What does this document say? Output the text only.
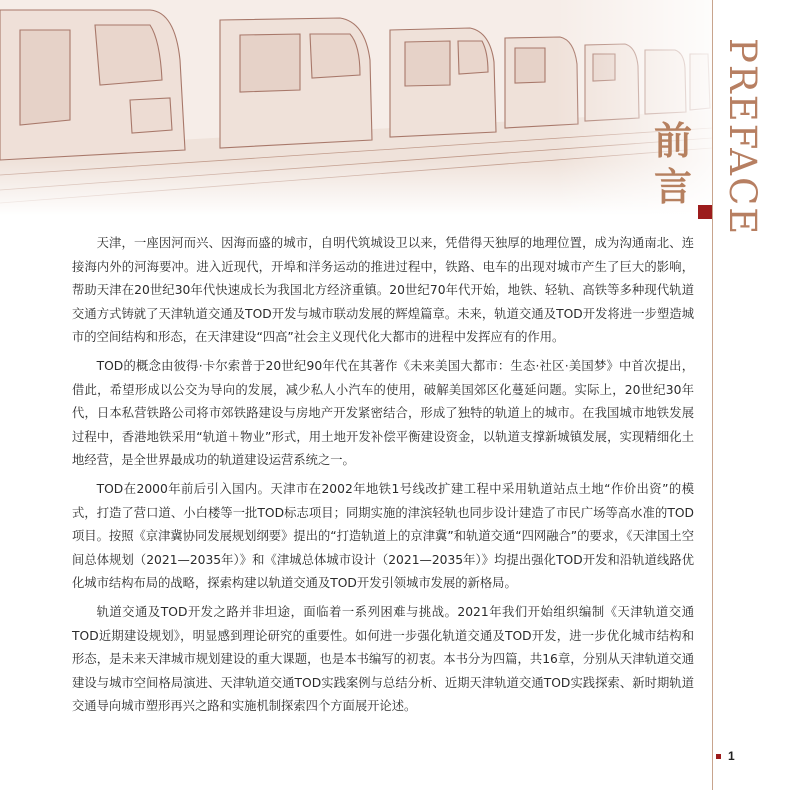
PREFACE
前言

天津，一座因河而兴、因海而盛的城市，自明代筑城设卫以来，凭借得天独厚的地理位置，成为沟通南北、连接海内外的河海要冲。进入近现代，开埠和洋务运动的推进过程中，铁路、电车的出现对城市产生了巨大的影响，帮助天津在20世纪30年代快速成长为我国北方经济重镇。20世纪70年代开始，地铁、轻轨、高铁等多种现代轨道交通方式铸就了天津轨道交通及TOD开发与城市联动发展的辉煌篇章。未来，轨道交通及TOD开发将进一步塑造城市的空间结构和形态，在天津建设“四高”社会主义现代化大都市的进程中发挥应有的作用。

TOD的概念由彼得·卡尔索普于20世纪90年代在其著作《未来美国大都市：生态·社区·美国梦》中首次提出，借此，希望形成以公交为导向的发展，减少私人小汽车的使用，破解美国郊区化蔓延问题。实际上，20世纪30年代，日本私营铁路公司将市郊铁路建设与房地产开发紧密结合，形成了独特的轨道上的城市。在我国城市地铁发展过程中，香港地铁采用“轨道＋物业”形式，用土地开发补偿平衡建设资金，以轨道支撑新城镇发展，实现精细化土地经营，是全世界最成功的轨道建设运营系统之一。

TOD在2000年前后引入国内。天津市在2002年地铁1号线改扩建工程中采用轨道站点土地“作价出资”的模式，打造了营口道、小白楼等一批TOD标志项目；同期实施的津滨轻轨也同步设计建造了市民广场等高水准的TOD项目。按照《京津冀协同发展规划纲要》提出的“打造轨道上的京津冀”和轨道交通“四网融合”的要求，《天津国土空间总体规划（2021—2035年）》和《津城总体城市设计（2021—2035年）》均提出强化TOD开发和沿轨道线路优化城市结构布局的战略，探索构建以轨道交通及TOD开发引领城市发展的新格局。

轨道交通及TOD开发之路并非坦途，面临着一系列困难与挑战。2021年我们开始组织编制《天津轨道交通TOD近期建设规划》，明显感到理论研究的重要性。如何进一步强化轨道交通及TOD开发，进一步优化城市结构和形态，是未来天津城市规划建设的重大课题，也是本书编写的初衷。本书分为四篇，共16章，分别从天津轨道交通建设与城市空间格局演进、天津轨道交通TOD实践案例与总结分析、近期天津轨道交通TOD实践探索、新时期轨道交通导向城市塑形再兴之路和实施机制探索四个方面展开论述。

1
